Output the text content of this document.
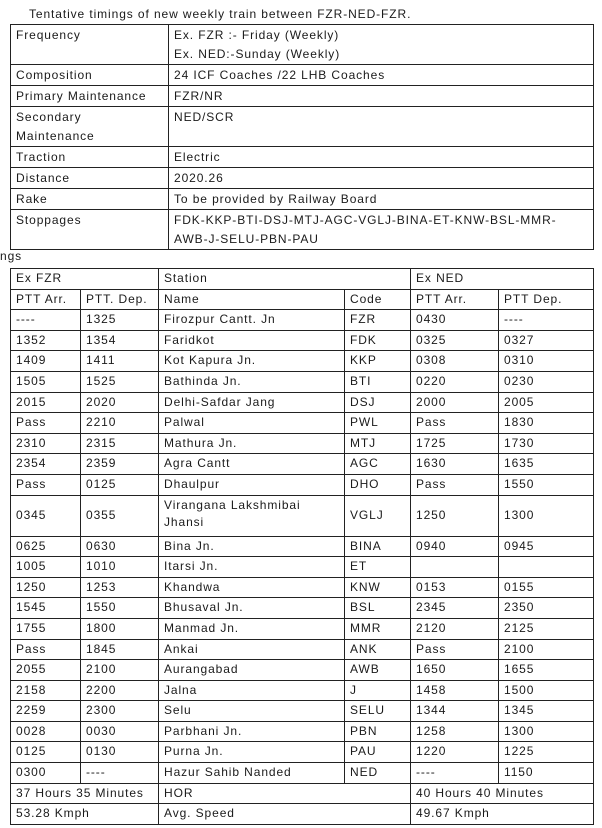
Tentative timings of new weekly train between FZR-NED-FZR.
Frequency	Ex. FZR :- Friday (Weekly)
Ex. NED:-Sunday (Weekly)

Composition	24 ICF Coaches /22 LHB Coaches

Primary Maintenance	FZR/NR

Secondary Maintenance	NED/SCR

Traction	Electric

Distance	2020.26

Rake	To be provided by Railway Board

Stoppages	FDK-KKP-BTI-DSJ-MTJ-AGC-VGLJ-BINA-ET-KNW-BSL-MMR-AWB-J-SELU-PBN-PAU
ngs
Ex FZR		Station		Ex NED	
PTT Arr.	PTT. Dep.	Name	Code	PTT Arr.	PTT Dep.
----	1325	Firozpur Cantt. Jn	FZR	0430	----
1352	1354	Faridkot	FDK	0325	0327
1409	1411	Kot Kapura Jn.	KKP	0308	0310
1505	1525	Bathinda Jn.	BTI	0220	0230
2015	2020	Delhi-Safdar Jang	DSJ	2000	2005
Pass	2210	Palwal	PWL	Pass	1830
2310	2315	Mathura Jn.	MTJ	1725	1730
2354	2359	Agra Cantt	AGC	1630	1635
Pass	0125	Dhaulpur	DHO	Pass	1550
0345	0355	Virangana Lakshmibai Jhansi	VGLJ	1250	1300
0625	0630	Bina Jn.	BINA	0940	0945
1005	1010	Itarsi Jn.	ET		
1250	1253	Khandwa	KNW	0153	0155
1545	1550	Bhusaval Jn.	BSL	2345	2350
1755	1800	Manmad Jn.	MMR	2120	2125
Pass	1845	Ankai	ANK	Pass	2100
2055	2100	Aurangabad	AWB	1650	1655
2158	2200	Jalna	J	1458	1500
2259	2300	Selu	SELU	1344	1345
0028	0030	Parbhani Jn.	PBN	1258	1300
0125	0130	Purna Jn.	PAU	1220	1225
0300	----	Hazur Sahib Nanded	NED	----	1150
37 Hours 35 Minutes		HOR		40 Hours 40 Minutes	
53.28 Kmph		Avg. Speed		49.67 Kmph	
